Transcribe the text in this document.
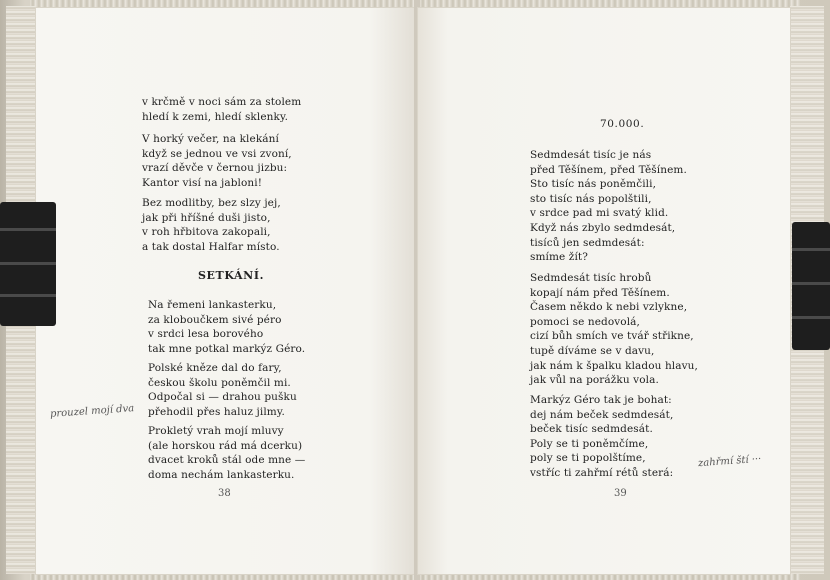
v krčmě v noci sám za stolem
hledí k zemi, hledí sklenky.
V horký večer, na klekání
když se jednou ve vsi zvoní,
vrazí děvče v černou jizbu:
Kantor visí na jabloni!
Bez modlitby, bez slzy jej,
jak při hříšné duši jisto,
v roh hřbitova zakopali,
a tak dostal Halfar místo.
SETKÁNÍ.
Na řemeni lankasterku,
za kloboučkem sivé péro
v srdci lesa borového
tak mne potkal markýz Géro.
Polské kněze dal do fary,
českou školu poněmčil mi.
Odpočal si — drahou pušku
přehodil přes haluz jilmy.
Prokletý vrah mojí mluvy
(ale horskou rád má dcerku)
dvacet kroků stál ode mne —
doma nechám lankasterku.
prouzel mojí dva
38
70.000.
Sedmdesát tisíc je nás
před Těšínem, před Těšínem.
Sto tisíc nás poněmčili,
sto tisíc nás popolštili,
v srdce pad mi svatý klid.
Když nás zbylo sedmdesát,
tisíců jen sedmdesát:
smíme žít?
Sedmdesát tisíc hrobů
kopají nám před Těšínem.
Časem někdo k nebi vzlykne,
pomoci se nedovolá,
cizí bůh smích ve tvář střikne,
tupě díváme se v davu,
jak nám k špalku kladou hlavu,
jak vůl na porážku vola.
Markýz Géro tak je bohat:
dej nám beček sedmdesát,
beček tisíc sedmdesát.
Poly se ti poněmčíme,
poly se ti popolštíme,
vstříc ti zahřmí rétů sterá:
zahřmí ští ···
39
